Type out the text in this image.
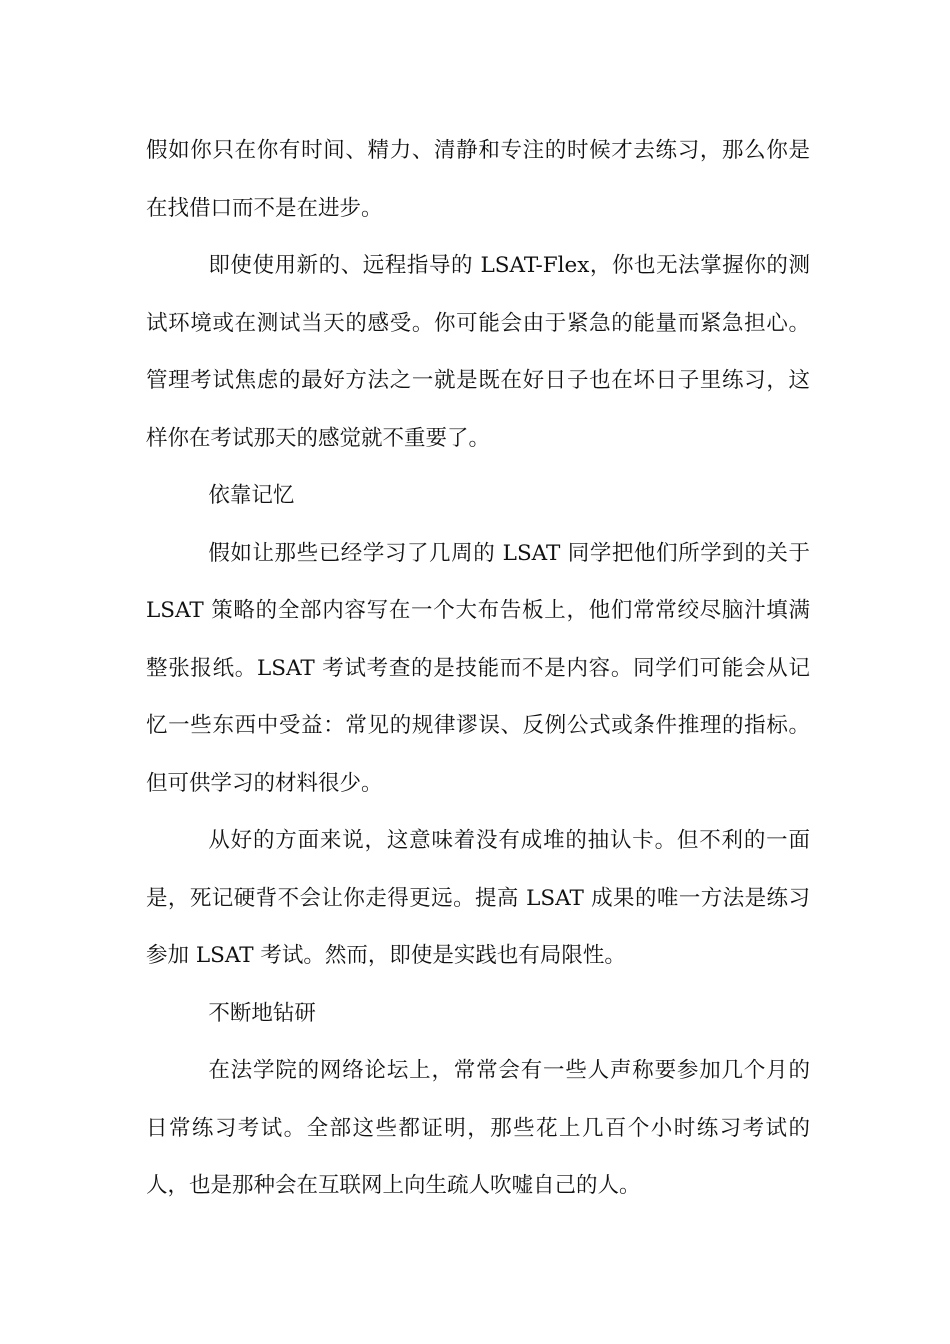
假如你只在你有时间、精力、清静和专注的时候才去练习，那么你是在找借口而不是在进步。

即使使用新的、远程指导的 LSAT-Flex，你也无法掌握你的测试环境或在测试当天的感受。你可能会由于紧急的能量而紧急担心。管理考试焦虑的最好方法之一就是既在好日子也在坏日子里练习，这样你在考试那天的感觉就不重要了。

依靠记忆

假如让那些已经学习了几周的 LSAT 同学把他们所学到的关于 LSAT 策略的全部内容写在一个大布告板上，他们常常绞尽脑汁填满整张报纸。LSAT 考试考查的是技能而不是内容。同学们可能会从记忆一些东西中受益：常见的规律谬误、反例公式或条件推理的指标。但可供学习的材料很少。

从好的方面来说，这意味着没有成堆的抽认卡。但不利的一面是，死记硬背不会让你走得更远。提高 LSAT 成果的唯一方法是练习参加 LSAT 考试。然而，即使是实践也有局限性。

不断地钻研

在法学院的网络论坛上，常常会有一些人声称要参加几个月的日常练习考试。全部这些都证明，那些花上几百个小时练习考试的人，也是那种会在互联网上向生疏人吹嘘自己的人。
